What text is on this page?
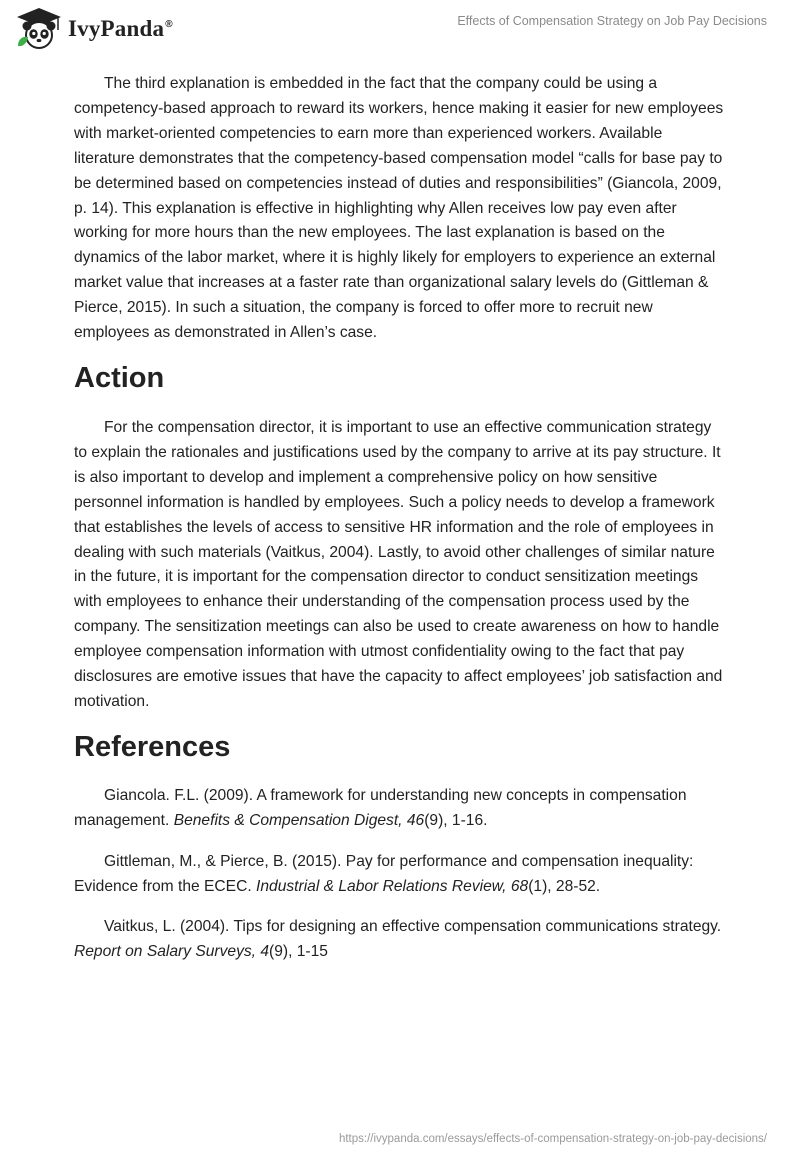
IvyPanda®	Effects of Compensation Strategy on Job Pay Decisions

The third explanation is embedded in the fact that the company could be using a competency-based approach to reward its workers, hence making it easier for new employees with market-oriented competencies to earn more than experienced workers. Available literature demonstrates that the competency-based compensation model “calls for base pay to be determined based on competencies instead of duties and responsibilities” (Giancola, 2009, p. 14). This explanation is effective in highlighting why Allen receives low pay even after working for more hours than the new employees. The last explanation is based on the dynamics of the labor market, where it is highly likely for employers to experience an external market value that increases at a faster rate than organizational salary levels do (Gittleman & Pierce, 2015). In such a situation, the company is forced to offer more to recruit new employees as demonstrated in Allen’s case.

Action

For the compensation director, it is important to use an effective communication strategy to explain the rationales and justifications used by the company to arrive at its pay structure. It is also important to develop and implement a comprehensive policy on how sensitive personnel information is handled by employees. Such a policy needs to develop a framework that establishes the levels of access to sensitive HR information and the role of employees in dealing with such materials (Vaitkus, 2004). Lastly, to avoid other challenges of similar nature in the future, it is important for the compensation director to conduct sensitization meetings with employees to enhance their understanding of the compensation process used by the company. The sensitization meetings can also be used to create awareness on how to handle employee compensation information with utmost confidentiality owing to the fact that pay disclosures are emotive issues that have the capacity to affect employees’ job satisfaction and motivation.

References

Giancola. F.L. (2009). A framework for understanding new concepts in compensation management. Benefits & Compensation Digest, 46(9), 1-16.

Gittleman, M., & Pierce, B. (2015). Pay for performance and compensation inequality: Evidence from the ECEC. Industrial & Labor Relations Review, 68(1), 28-52.

Vaitkus, L. (2004). Tips for designing an effective compensation communications strategy. Report on Salary Surveys, 4(9), 1-15

https://ivypanda.com/essays/effects-of-compensation-strategy-on-job-pay-decisions/
